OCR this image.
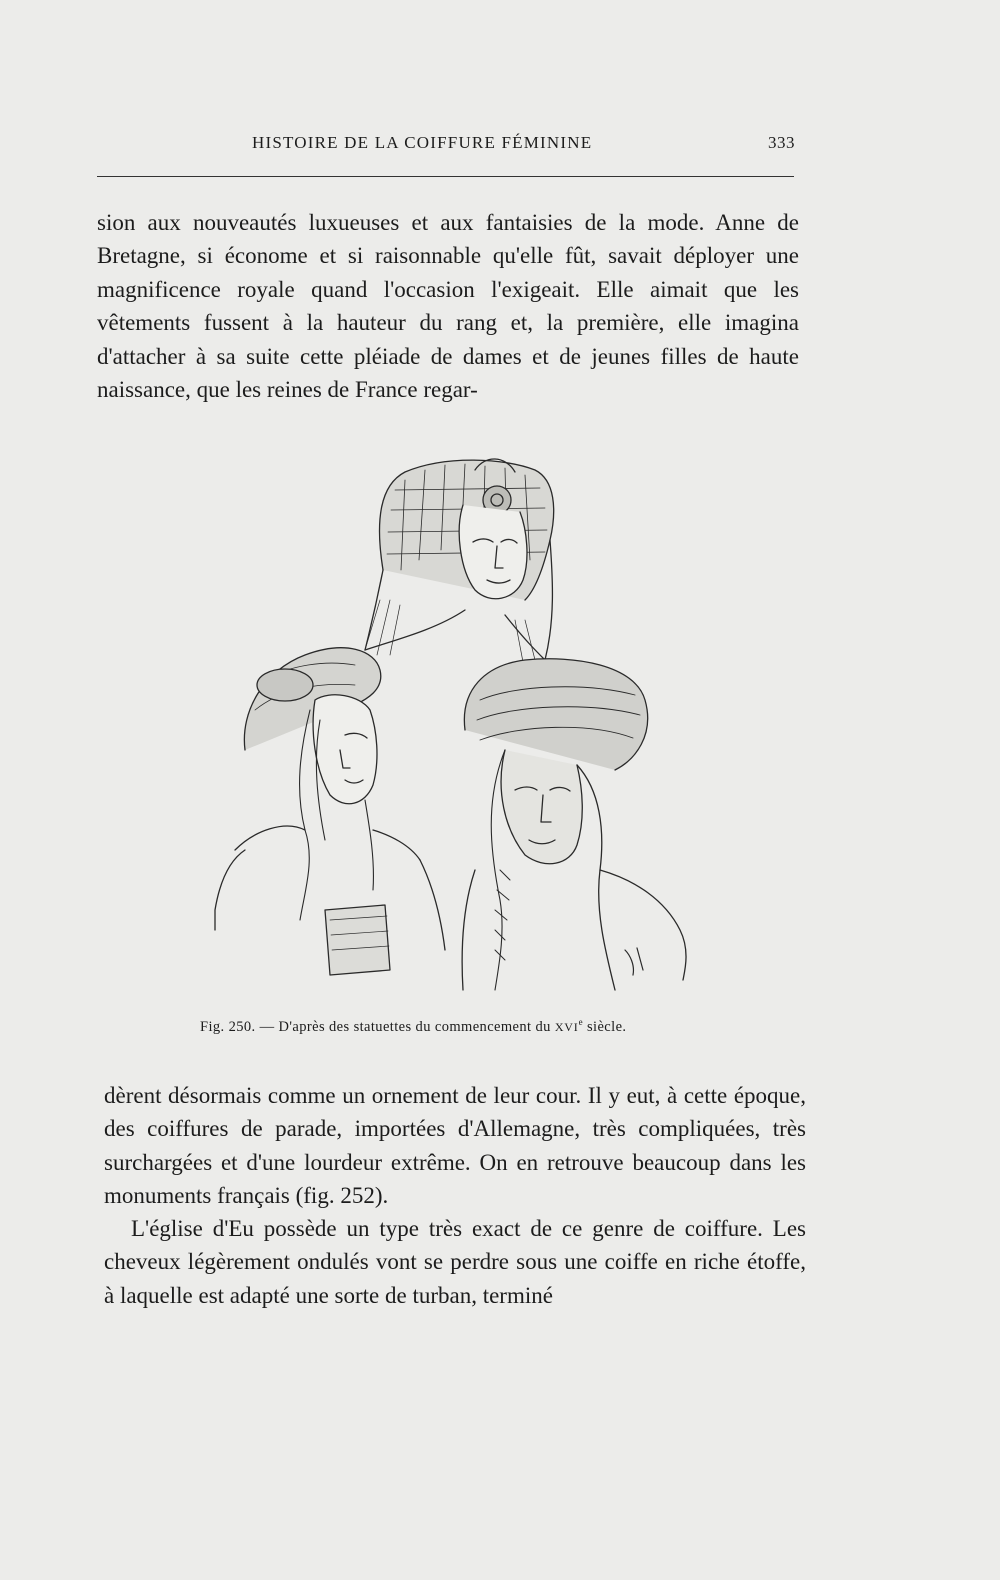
HISTOIRE DE LA COIFFURE FÉMININE	333

sion aux nouveautés luxueuses et aux fantaisies de la mode. Anne de Bretagne, si économe et si raisonnable qu'elle fût, savait déployer une magnificence royale quand l'occasion l'exigeait. Elle aimait que les vêtements fussent à la hauteur du rang et, la première, elle imagina d'attacher à sa suite cette pléiade de dames et de jeunes filles de haute naissance, que les reines de France regar-

Fig. 250. — D'après des statuettes du commencement du XVIe siècle.

dèrent désormais comme un ornement de leur cour. Il y eut, à cette époque, des coiffures de parade, importées d'Allemagne, très compliquées, très surchargées et d'une lourdeur extrême. On en retrouve beaucoup dans les monuments français (fig. 252).

L'église d'Eu possède un type très exact de ce genre de coiffure. Les cheveux légèrement ondulés vont se perdre sous une coiffe en riche étoffe, à laquelle est adapté une sorte de turban, terminé
